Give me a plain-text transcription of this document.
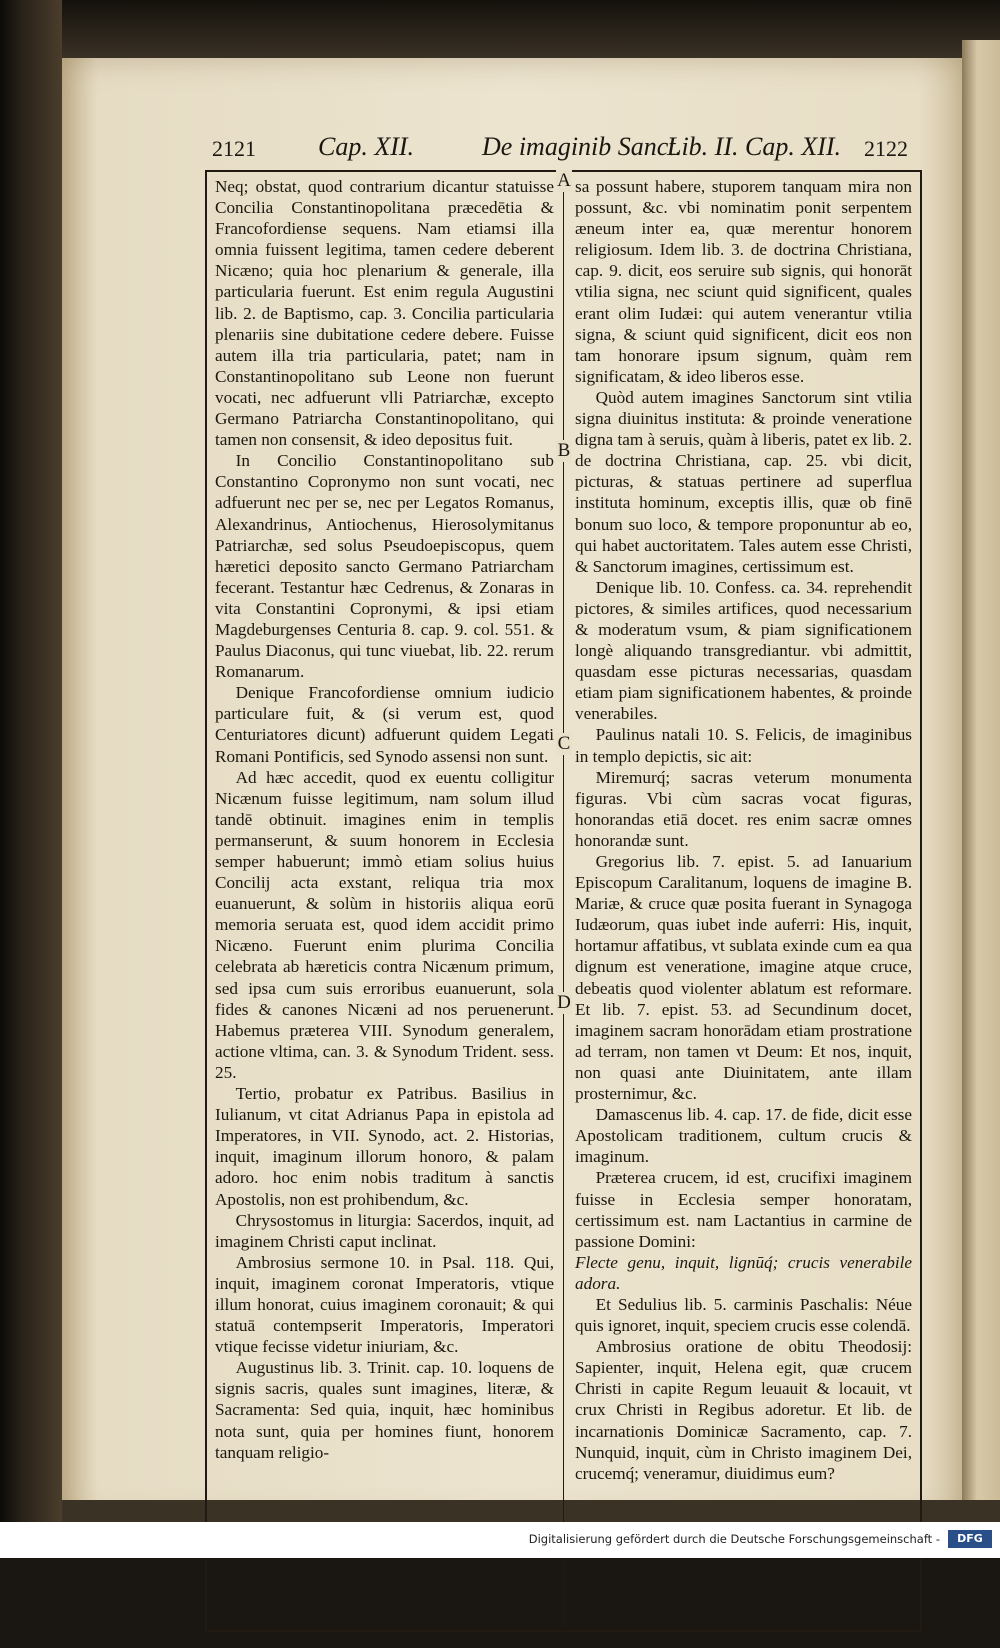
2121 Cap. XII.	De imaginib Sanct.
Lib. II. Cap. XII. 2122
A
B
C
D

Neq; obstat, quod contrarium dicantur statuisse Concilia Constantinopolitana præcedētia & Francofordiense sequens. Nam etiamsi illa omnia fuissent legitima, tamen cedere deberent Nicæno; quia hoc plenarium & generale, illa particularia fuerunt. Est enim regula Augustini lib. 2. de Baptismo, cap. 3. Concilia particularia plenariis sine dubitatione cedere debere. Fuisse autem illa tria particularia, patet; nam in Constantinopolitano sub Leone non fuerunt vocati, nec adfuerunt vlli Patriarchæ, excepto Germano Patriarcha Constantinopolitano, qui tamen non consensit, & ideo depositus fuit.

In Concilio Constantinopolitano sub Constantino Copronymo non sunt vocati, nec adfuerunt nec per se, nec per Legatos Romanus, Alexandrinus, Antiochenus, Hierosolymitanus Patriarchæ, sed solus Pseudoepiscopus, quem hæretici deposito sancto Germano Patriarcham fecerant. Testantur hæc Cedrenus, & Zonaras in vita Constantini Copronymi, & ipsi etiam Magdeburgenses Centuria 8. cap. 9. col. 551. & Paulus Diaconus, qui tunc viuebat, lib. 22. rerum Romanarum.

Denique Francofordiense omnium iudicio particulare fuit, & (si verum est, quod Centuriatores dicunt) adfuerunt quidem Legati Romani Pontificis, sed Synodo assensi non sunt.

Ad hæc accedit, quod ex euentu colligitur Nicænum fuisse legitimum, nam solum illud tandē obtinuit. imagines enim in templis permanserunt, & suum honorem in Ecclesia semper habuerunt; immò etiam solius huius Concilij acta exstant, reliqua tria mox euanuerunt, & solùm in historiis aliqua eorū memoria seruata est, quod idem accidit primo Nicæno. Fuerunt enim plurima Concilia celebrata ab hæreticis contra Nicænum primum, sed ipsa cum suis erroribus euanuerunt, sola fides & canones Nicæni ad nos peruenerunt. Habemus præterea VIII. Synodum generalem, actione vltima, can. 3. & Synodum Trident. sess. 25.

Tertio, probatur ex Patribus. Basilius in Iulianum, vt citat Adrianus Papa in epistola ad Imperatores, in VII. Synodo, act. 2. Historias, inquit, imaginum illorum honoro, & palam adoro. hoc enim nobis traditum à sanctis Apostolis, non est prohibendum, &c.

Chrysostomus in liturgia: Sacerdos, inquit, ad imaginem Christi caput inclinat.

Ambrosius sermone 10. in Psal. 118. Qui, inquit, imaginem coronat Imperatoris, vtique illum honorat, cuius imaginem coronauit; & qui statuā contempserit Imperatoris, Imperatori vtique fecisse videtur iniuriam, &c.

Augustinus lib. 3. Trinit. cap. 10. loquens de signis sacris, quales sunt imagines, literæ, & Sacramenta: Sed quia, inquit, hæc hominibus nota sunt, quia per homines fiunt, honorem tanquam religio-

sa possunt habere, stuporem tanquam mira non possunt, &c. vbi nominatim ponit serpentem æneum inter ea, quæ merentur honorem religiosum. Idem lib. 3. de doctrina Christiana, cap. 9. dicit, eos seruire sub signis, qui honorāt vtilia signa, nec sciunt quid significent, quales erant olim Iudæi: qui autem venerantur vtilia signa, & sciunt quid significent, dicit eos non tam honorare ipsum signum, quàm rem significatam, & ideo liberos esse.

Quòd autem imagines Sanctorum sint vtilia signa diuinitus instituta: & proinde veneratione digna tam à seruis, quàm à liberis, patet ex lib. 2. de doctrina Christiana, cap. 25. vbi dicit, picturas, & statuas pertinere ad superflua instituta hominum, exceptis illis, quæ ob finē bonum suo loco, & tempore proponuntur ab eo, qui habet auctoritatem. Tales autem esse Christi, & Sanctorum imagines, certissimum est.

Denique lib. 10. Confess. ca. 34. reprehendit pictores, & similes artifices, quod necessarium & moderatum vsum, & piam significationem longè aliquando transgrediantur. vbi admittit, quasdam esse picturas necessarias, quasdam etiam piam significationem habentes, & proinde venerabiles.

Paulinus natali 10. S. Felicis, de imaginibus in templo depictis, sic ait:

Miremurq́; sacras veterum monumenta figuras. Vbi cùm sacras vocat figuras, honorandas etiā docet. res enim sacræ omnes honorandæ sunt.

Gregorius lib. 7. epist. 5. ad Ianuarium Episcopum Caralitanum, loquens de imagine B. Mariæ, & cruce quæ posita fuerant in Synagoga Iudæorum, quas iubet inde auferri: His, inquit, hortamur affatibus, vt sublata exinde cum ea qua dignum est veneratione, imagine atque cruce, debeatis quod violenter ablatum est reformare. Et lib. 7. epist. 53. ad Secundinum docet, imaginem sacram honorādam etiam prostratione ad terram, non tamen vt Deum: Et nos, inquit, non quasi ante Diuinitatem, ante illam prosternimur, &c.

Damascenus lib. 4. cap. 17. de fide, dicit esse Apostolicam traditionem, cultum crucis & imaginum.

Præterea crucem, id est, crucifixi imaginem fuisse in Ecclesia semper honoratam, certissimum est. nam Lactantius in carmine de passione Domini:

Flecte genu, inquit, lignūq́; crucis venerabile adora.

Et Sedulius lib. 5. carminis Paschalis: Néue quis ignoret, inquit, speciem crucis esse colendā.

Ambrosius oratione de obitu Theodosij: Sapienter, inquit, Helena egit, quæ crucem Christi in capite Regum leuauit & locauit, vt crux Christi in Regibus adoretur. Et lib. de incarnationis Dominicæ Sacramento, cap. 7. Nunquid, inquit, cùm in Christo imaginem Dei, crucemq́; veneramur, diuidimus eum?

Hiero-
Digitalisierung gefördert durch die Deutsche Forschungsgemeinschaft -	DFG
